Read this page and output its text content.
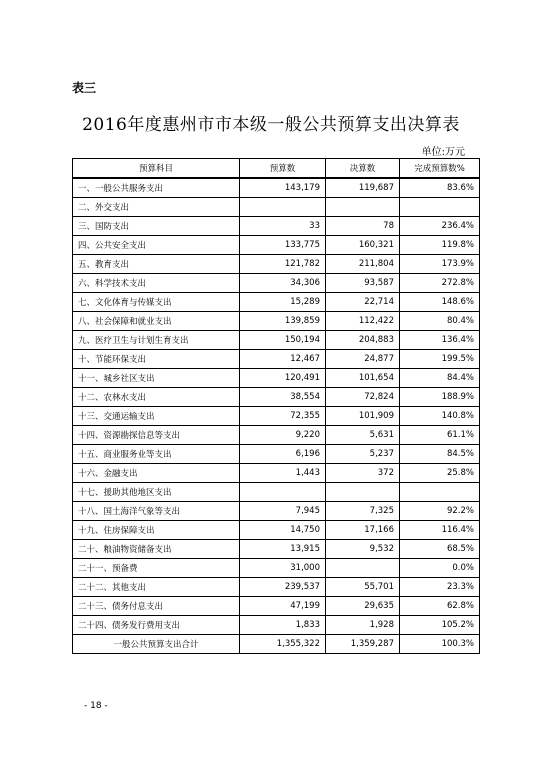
表三
2016年度惠州市市本级一般公共预算支出决算表
单位:万元
预算科目	预算数	决算数	完成预算数%
一、一般公共服务支出	143,179	119,687	83.6%
二、外交支出			
三、国防支出	33	78	236.4%
四、公共安全支出	133,775	160,321	119.8%
五、教育支出	121,782	211,804	173.9%
六、科学技术支出	34,306	93,587	272.8%
七、文化体育与传媒支出	15,289	22,714	148.6%
八、社会保障和就业支出	139,859	112,422	80.4%
九、医疗卫生与计划生育支出	150,194	204,883	136.4%
十、节能环保支出	12,467	24,877	199.5%
十一、城乡社区支出	120,491	101,654	84.4%
十二、农林水支出	38,554	72,824	188.9%
十三、交通运输支出	72,355	101,909	140.8%
十四、资源勘探信息等支出	9,220	5,631	61.1%
十五、商业服务业等支出	6,196	5,237	84.5%
十六、金融支出	1,443	372	25.8%
十七、援助其他地区支出			
十八、国土海洋气象等支出	7,945	7,325	92.2%
十九、住房保障支出	14,750	17,166	116.4%
二十、粮油物资储备支出	13,915	9,532	68.5%
二十一、预备费	31,000		0.0%
二十二、其他支出	239,537	55,701	23.3%
二十三、债务付息支出	47,199	29,635	62.8%
二十四、债务发行费用支出	1,833	1,928	105.2%
一般公共预算支出合计	1,355,322	1,359,287	100.3%
- 18 -
